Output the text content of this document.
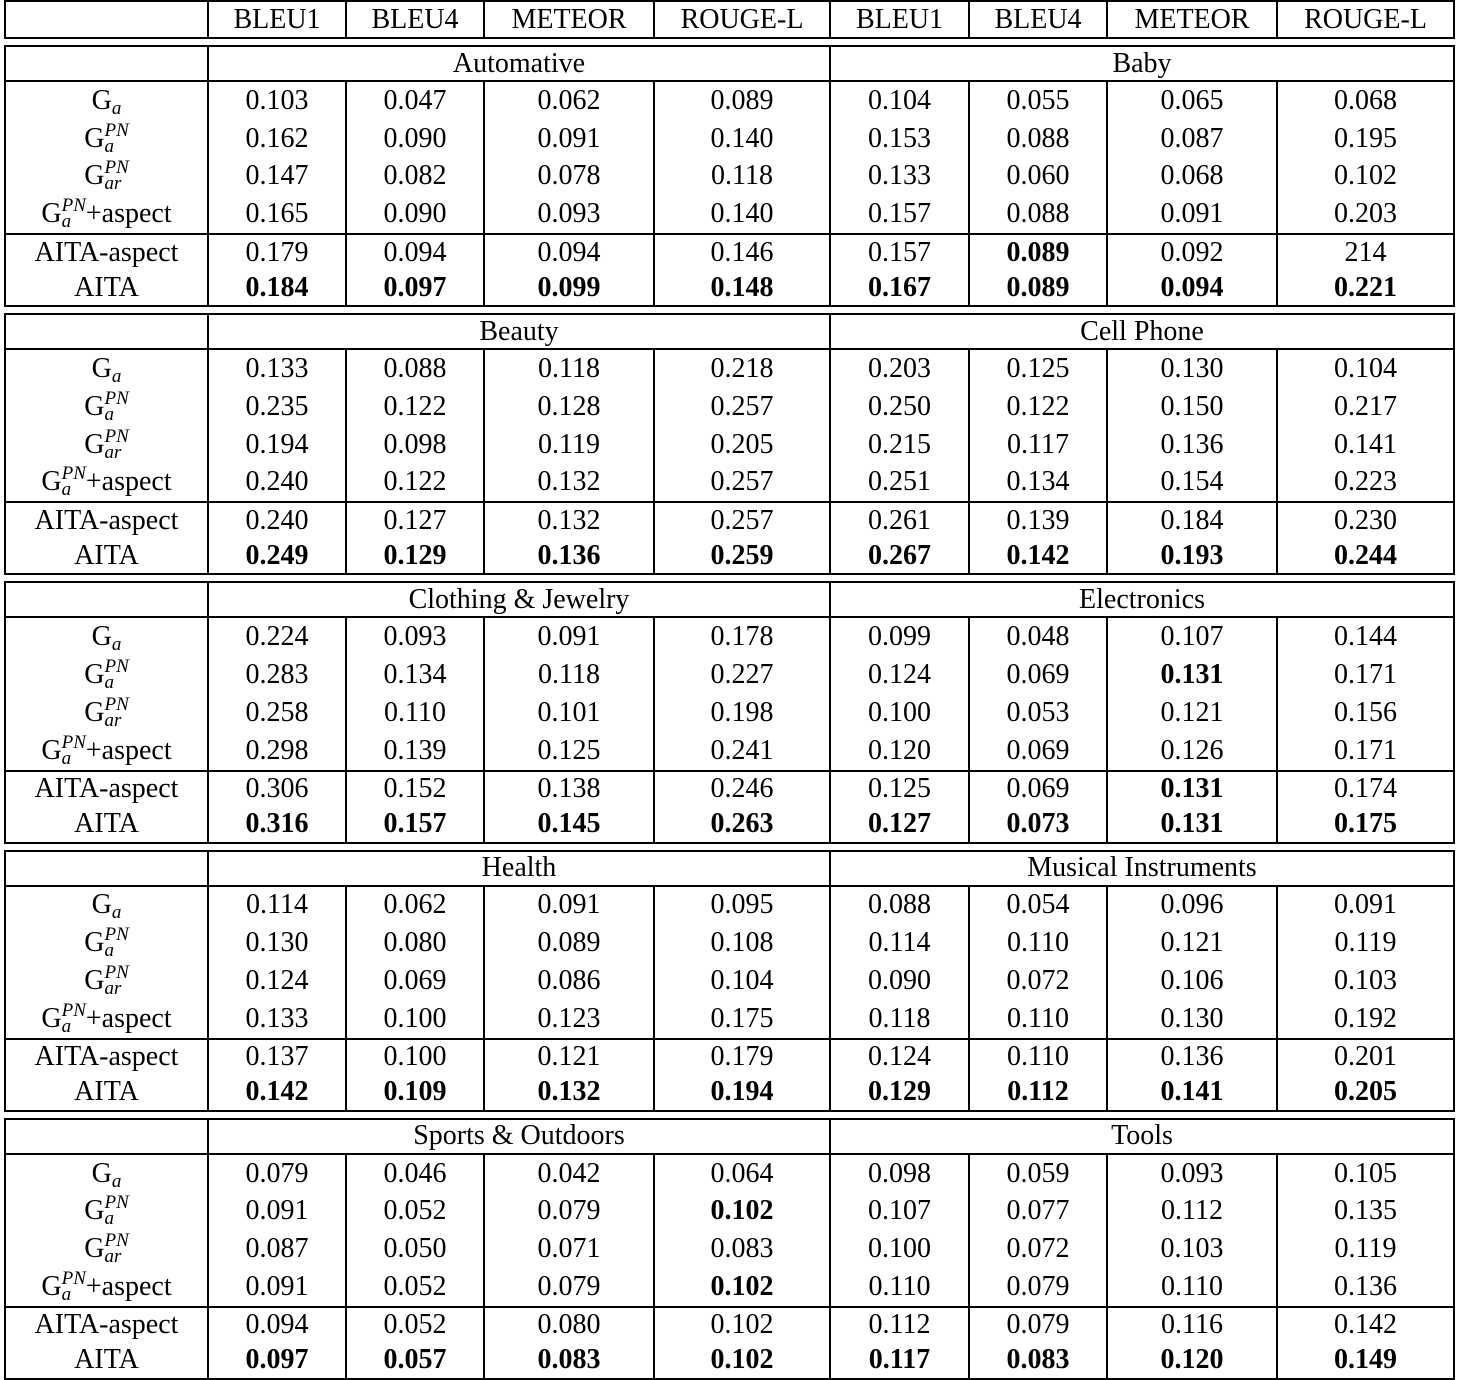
	BLEU1	BLEU4	METEOR	ROUGE-L	BLEU1	BLEU4	METEOR	ROUGE-L

	Automative				Baby			

G
a	0.103	0.047	0.062	0.089	0.104	0.055	0.065	0.068

G PN
a	0.162	0.090	0.091	0.140	0.153	0.088	0.087	0.195

G PN
ar	0.147	0.082	0.078	0.118	0.133	0.060	0.068	0.102

G PN
a +aspect	0.165	0.090	0.093	0.140	0.157	0.088	0.091	0.203

AITA-aspect	0.179	0.094	0.094	0.146	0.157	0.089	0.092	214

AITA	0.184	0.097	0.099	0.148	0.167	0.089	0.094	0.221

	Beauty				Cell Phone			

G
a	0.133	0.088	0.118	0.218	0.203	0.125	0.130	0.104

G PN
a	0.235	0.122	0.128	0.257	0.250	0.122	0.150	0.217

G PN
ar	0.194	0.098	0.119	0.205	0.215	0.117	0.136	0.141

G PN
a +aspect	0.240	0.122	0.132	0.257	0.251	0.134	0.154	0.223

AITA-aspect	0.240	0.127	0.132	0.257	0.261	0.139	0.184	0.230

AITA	0.249	0.129	0.136	0.259	0.267	0.142	0.193	0.244

	Clothing & Jewelry				Electronics			

G
a	0.224	0.093	0.091	0.178	0.099	0.048	0.107	0.144

G PN
a	0.283	0.134	0.118	0.227	0.124	0.069	0.131	0.171

G PN
ar	0.258	0.110	0.101	0.198	0.100	0.053	0.121	0.156

G PN
a +aspect	0.298	0.139	0.125	0.241	0.120	0.069	0.126	0.171

AITA-aspect	0.306	0.152	0.138	0.246	0.125	0.069	0.131	0.174

AITA	0.316	0.157	0.145	0.263	0.127	0.073	0.131	0.175

	Health				Musical Instruments			

G
a	0.114	0.062	0.091	0.095	0.088	0.054	0.096	0.091

G PN
a	0.130	0.080	0.089	0.108	0.114	0.110	0.121	0.119

G PN
ar	0.124	0.069	0.086	0.104	0.090	0.072	0.106	0.103

G PN
a +aspect	0.133	0.100	0.123	0.175	0.118	0.110	0.130	0.192

AITA-aspect	0.137	0.100	0.121	0.179	0.124	0.110	0.136	0.201

AITA	0.142	0.109	0.132	0.194	0.129	0.112	0.141	0.205

	Sports & Outdoors				Tools			

G
a	0.079	0.046	0.042	0.064	0.098	0.059	0.093	0.105

G PN
a	0.091	0.052	0.079	0.102	0.107	0.077	0.112	0.135

G PN
ar	0.087	0.050	0.071	0.083	0.100	0.072	0.103	0.119

G PN
a +aspect	0.091	0.052	0.079	0.102	0.110	0.079	0.110	0.136

AITA-aspect	0.094	0.052	0.080	0.102	0.112	0.079	0.116	0.142

AITA	0.097	0.057	0.083	0.102	0.117	0.083	0.120	0.149
